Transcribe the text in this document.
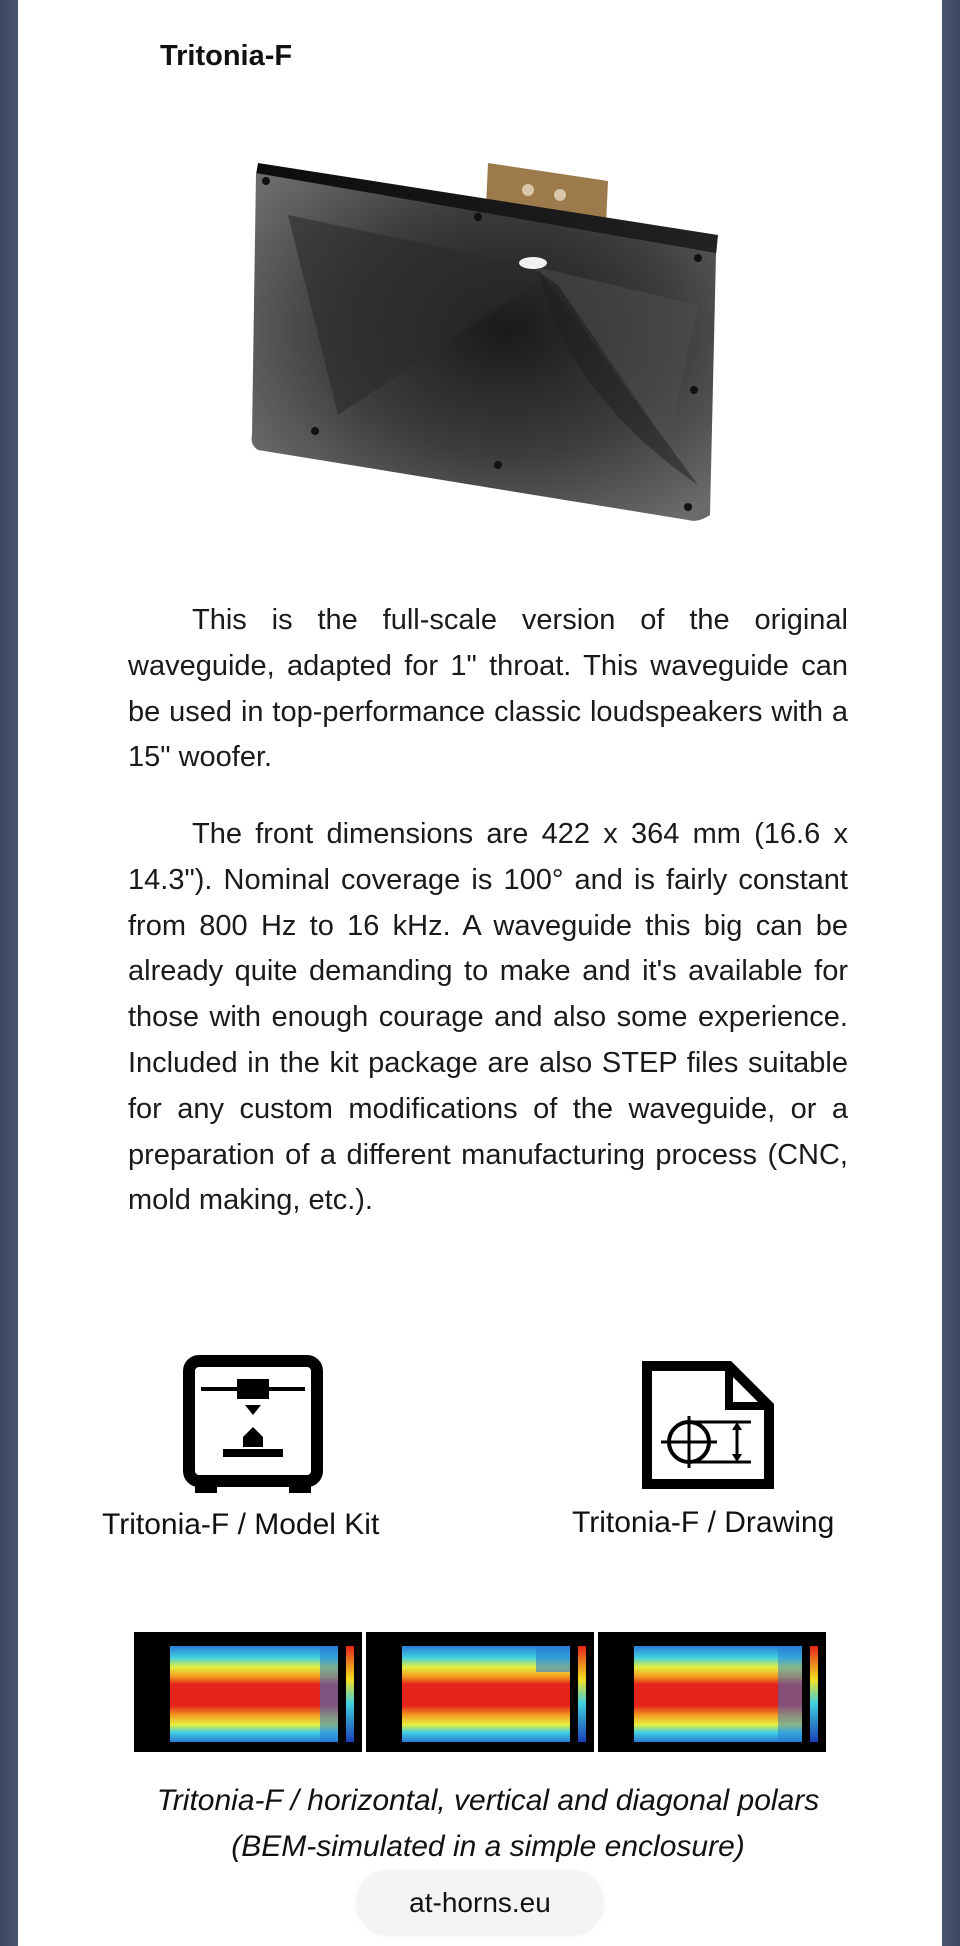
Tritonia-F

This is the full-scale version of the original waveguide, adapted for 1" throat. This waveguide can be used in top-performance classic loudspeakers with a 15" woofer.

The front dimensions are 422 x 364 mm (16.6 x 14.3"). Nominal coverage is 100° and is fairly constant from 800 Hz to 16 kHz. A waveguide this big can be already quite demanding to make and it's available for those with enough courage and also some experience. Included in the kit package are also STEP files suitable for any custom modifications of the waveguide, or a preparation of a different manufacturing process (CNC, mold making, etc.).

Tritonia-F / Model Kit	Tritonia-F / Drawing
Tritonia-F / horizontal, vertical and diagonal polars
(BEM-simulated in a simple enclosure)
at-horns.eu
